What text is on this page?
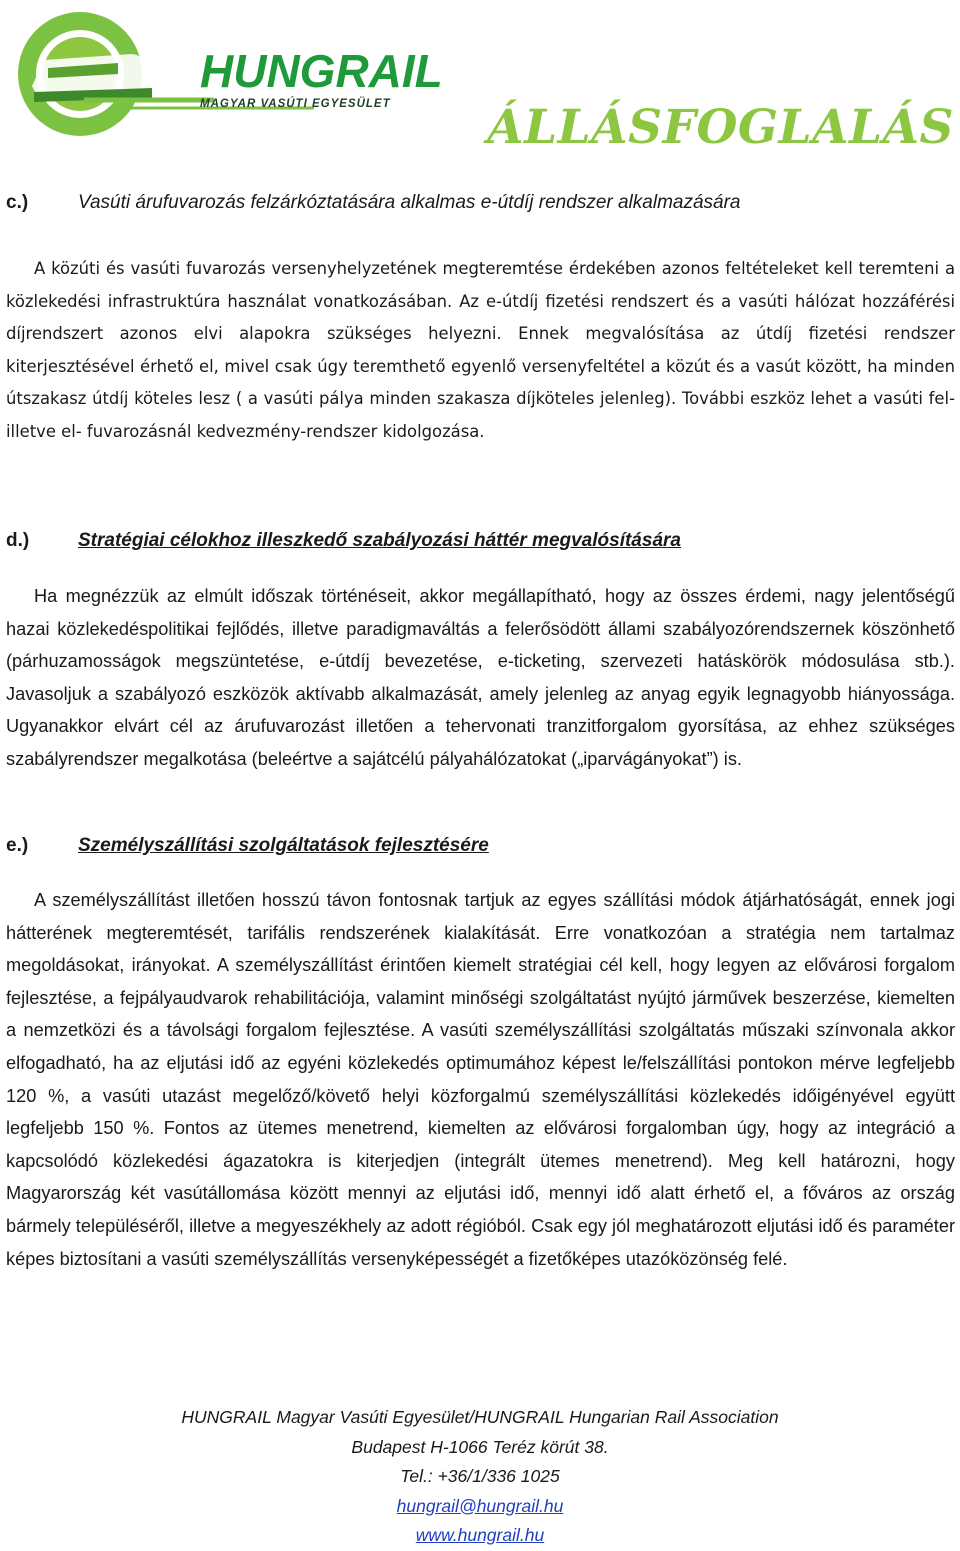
HUNGRAIL
MAGYAR VASÚTI EGYESÜLET ÁLLÁSFOGLALÁS
c.)	Vasúti árufuvarozás felzárkóztatására alkalmas e-útdíj rendszer alkalmazására

A közúti és vasúti fuvarozás versenyhelyzetének megteremtése érdekében azonos feltételeket kell teremteni a közlekedési infrastruktúra használat vonatkozásában. Az e-útdíj fizetési rendszert és a vasúti hálózat hozzáférési díjrendszert azonos elvi alapokra szükséges helyezni. Ennek megvalósítása az útdíj fizetési rendszer kiterjesztésével érhető el, mivel csak úgy teremthető egyenlő versenyfeltétel a közút és a vasút között, ha minden útszakasz útdíj köteles lesz ( a vasúti pálya minden szakasza díjköteles jelenleg). További eszköz lehet a vasúti fel- illetve el- fuvarozásnál kedvezmény-rendszer kidolgozása.

d.)	Stratégiai célokhoz illeszkedő szabályozási háttér megvalósítására

Ha megnézzük az elmúlt időszak történéseit, akkor megállapítható, hogy az összes érdemi, nagy jelentőségű hazai közlekedéspolitikai fejlődés, illetve paradigmaváltás a felerősödött állami szabályozórendszernek köszönhető (párhuzamosságok megszüntetése, e-útdíj bevezetése, e-ticketing, szervezeti hatáskörök módosulása stb.). Javasoljuk a szabályozó eszközök aktívabb alkalmazását, amely jelenleg az anyag egyik legnagyobb hiányossága. Ugyanakkor elvárt cél az árufuvarozást illetően a tehervonati tranzitforgalom gyorsítása, az ehhez szükséges szabályrendszer megalkotása (beleértve a sajátcélú pályahálózatokat („iparvágányokat”) is.

e.)	Személyszállítási szolgáltatások fejlesztésére

A személyszállítást illetően hosszú távon fontosnak tartjuk az egyes szállítási módok átjárhatóságát, ennek jogi hátterének megteremtését, tarifális rendszerének kialakítását. Erre vonatkozóan a stratégia nem tartalmaz megoldásokat, irányokat. A személyszállítást érintően kiemelt stratégiai cél kell, hogy legyen az elővárosi forgalom fejlesztése, a fejpályaudvarok rehabilitációja, valamint minőségi szolgáltatást nyújtó járművek beszerzése, kiemelten a nemzetközi és a távolsági forgalom fejlesztése. A vasúti személyszállítási szolgáltatás műszaki színvonala akkor elfogadható, ha az eljutási idő az egyéni közlekedés optimumához képest le/felszállítási pontokon mérve legfeljebb 120 %, a vasúti utazást megelőző/követő helyi közforgalmú személyszállítási közlekedés időigényével együtt legfeljebb 150 %. Fontos az ütemes menetrend, kiemelten az elővárosi forgalomban úgy, hogy az integráció a kapcsolódó közlekedési ágazatokra is kiterjedjen (integrált ütemes menetrend). Meg kell határozni, hogy Magyarország két vasútállomása között mennyi az eljutási idő, mennyi idő alatt érhető el, a főváros az ország bármely településéről, illetve a megyeszékhely az adott régióból. Csak egy jól meghatározott eljutási idő és paraméter képes biztosítani a vasúti személyszállítás versenyképességét a fizetőképes utazóközönség felé.

HUNGRAIL Magyar Vasúti Egyesület/HUNGRAIL Hungarian Rail Association
Budapest H-1066 Teréz körút 38.
Tel.: +36/1/336 1025
hungrail@hungrail.hu
www.hungrail.hu
